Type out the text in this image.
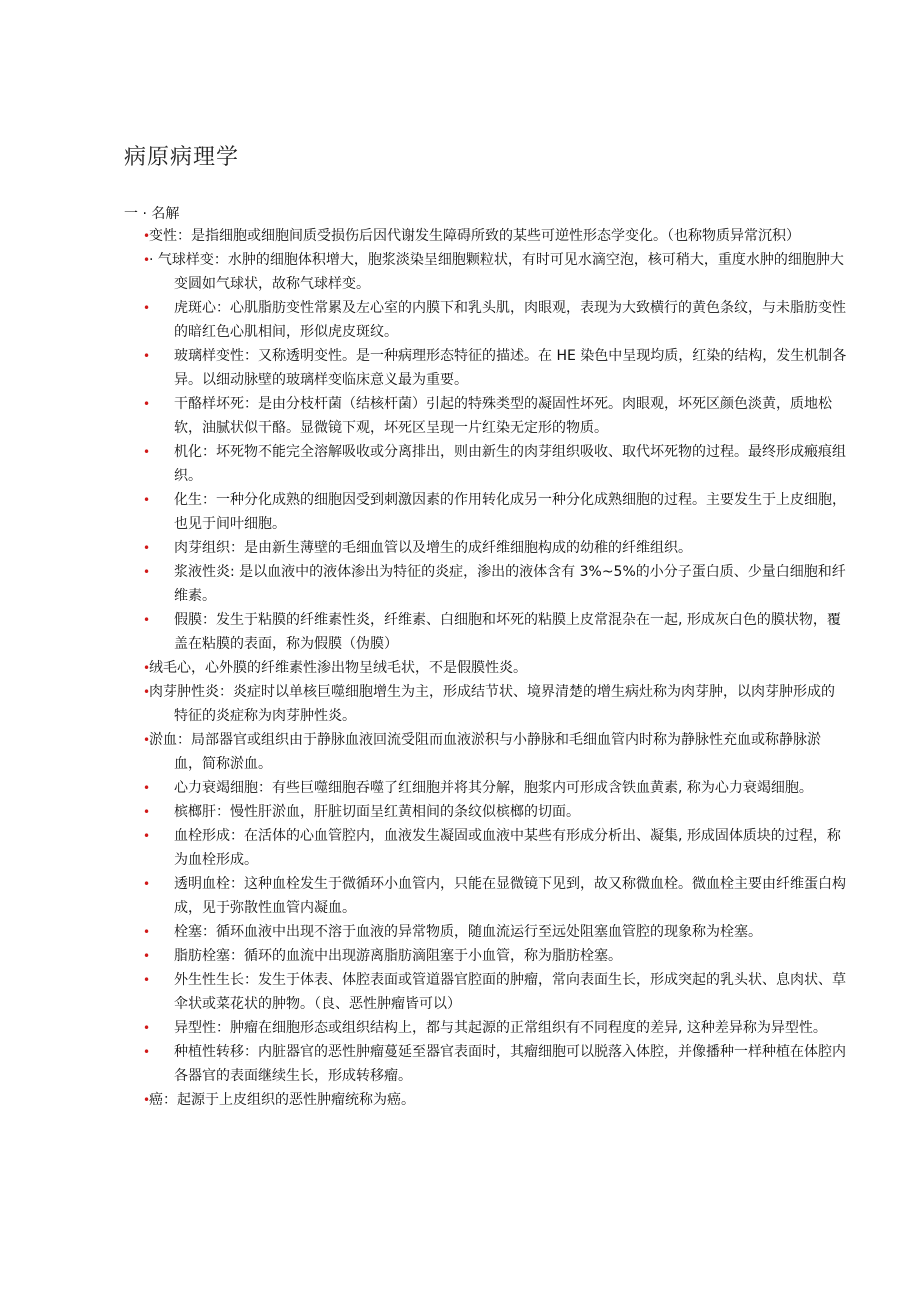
病原病理学
一 · 名解
•
变性：是指细胞或细胞间质受损伤后因代谢发生障碍所致的某些可逆性形态学变化。（也称物质异常沉积）
•
· 气球样变：水肿的细胞体积增大，胞浆淡染呈细胞颗粒状，有时可见水滴空泡，核可稍大，重度水肿的细胞肿大变圆如气球状，故称气球样变。
•	虎斑心：心肌脂肪变性常累及左心室的内膜下和乳头肌，肉眼观，表现为大致横行的黄色条纹，与未脂肪变性的暗红色心肌相间，形似虎皮斑纹。
•	玻璃样变性：又称透明变性。是一种病理形态特征的描述。在 HE 染色中呈现均质，红染的结构，发生机制各异。以细动脉壁的玻璃样变临床意义最为重要。
•	干酪样坏死：是由分枝杆菌（结核杆菌）引起的特殊类型的凝固性坏死。肉眼观，坏死区颜色淡黄，质地松软，油腻状似干酪。显微镜下观，坏死区呈现一片红染无定形的物质。
•	机化：坏死物不能完全溶解吸收或分离排出，则由新生的肉芽组织吸收、取代坏死物的过程。最终形成瘢痕组织。
•	化生：一种分化成熟的细胞因受到刺激因素的作用转化成另一种分化成熟细胞的过程。主要发生于上皮细胞，也见于间叶细胞。
•	肉芽组织：是由新生薄壁的毛细血管以及增生的成纤维细胞构成的幼稚的纤维组织。
•	浆液性炎: 是以血液中的液体渗出为特征的炎症，渗出的液体含有 3%~5%的小分子蛋白质、少量白细胞和纤维素。
•	假膜：发生于粘膜的纤维素性炎，纤维素、白细胞和坏死的粘膜上皮常混杂在一起, 形成灰白色的膜状物，覆盖在粘膜的表面，称为假膜（伪膜）
•
绒毛心，心外膜的纤维素性渗出物呈绒毛状，不是假膜性炎。
•
肉芽肿性炎：炎症时以单核巨噬细胞增生为主，形成结节状、境界清楚的增生病灶称为肉芽肿，以肉芽肿形成的特征的炎症称为肉芽肿性炎。
•
淤血：局部器官或组织由于静脉血液回流受阻而血液淤积与小静脉和毛细血管内时称为静脉性充血或称静脉淤血，简称淤血。
•	心力衰竭细胞：有些巨噬细胞吞噬了红细胞并将其分解，胞浆内可形成含铁血黄素, 称为心力衰竭细胞。
•	槟榔肝：慢性肝淤血，肝脏切面呈红黄相间的条纹似槟榔的切面。
•	血栓形成：在活体的心血管腔内，血液发生凝固或血液中某些有形成分析出、凝集, 形成固体质块的过程，称为血栓形成。
•	透明血栓：这种血栓发生于微循环小血管内，只能在显微镜下见到，故又称微血栓。微血栓主要由纤维蛋白构成，见于弥散性血管内凝血。
•	栓塞：循环血液中出现不溶于血液的异常物质，随血流运行至远处阻塞血管腔的现象称为栓塞。
•	脂肪栓塞：循环的血流中出现游离脂肪滴阻塞于小血管，称为脂肪栓塞。
•	外生性生长：发生于体表、体腔表面或管道器官腔面的肿瘤，常向表面生长，形成突起的乳头状、息肉状、草伞状或菜花状的肿物。（良、恶性肿瘤皆可以）
•	异型性：肿瘤在细胞形态或组织结构上，都与其起源的正常组织有不同程度的差异, 这种差异称为异型性。
•	种植性转移：内脏器官的恶性肿瘤蔓延至器官表面时，其瘤细胞可以脱落入体腔，并像播种一样种植在体腔内各器官的表面继续生长，形成转移瘤。
•
癌：起源于上皮组织的恶性肿瘤统称为癌。
